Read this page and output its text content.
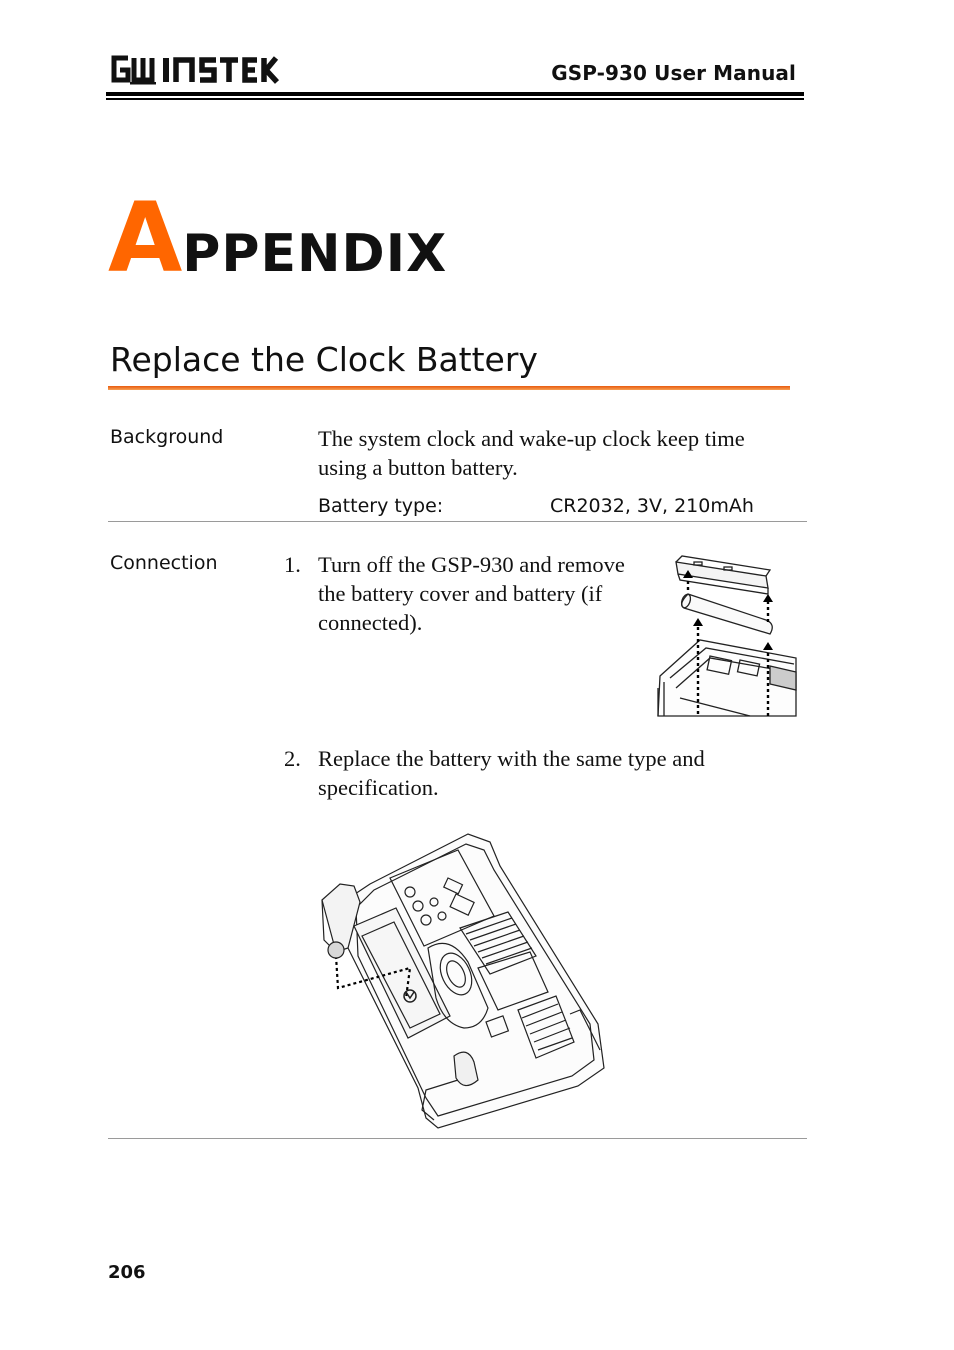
GSP-930 User Manual
APPENDIX
Replace the Clock Battery
Background	The system clock and wake-up clock keep time using a button battery.
Battery type:	CR2032, 3V, 210mAh
Connection	1. Turn off the GSP-930 and remove the battery cover and battery (if connected).
2. Replace the battery with the same type and specification.
206
